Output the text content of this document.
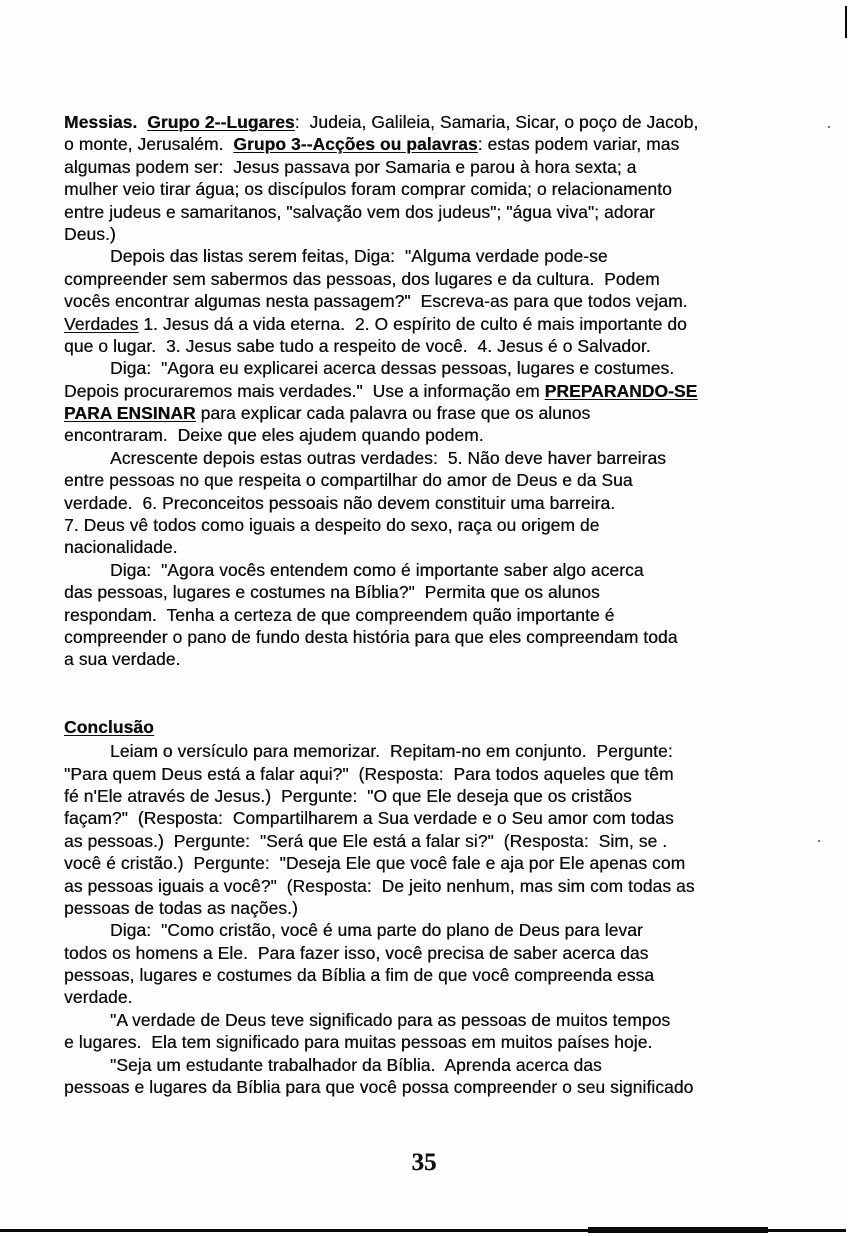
Messias. Grupo 2--Lugares:  Judeia, Galileia, Samaria, Sicar, o poço de Jacob,
o monte, Jerusalém.  Grupo 3--Acções ou palavras: estas podem variar, mas
algumas podem ser:  Jesus passava por Samaria e parou à hora sexta; a
mulher veio tirar água; os discípulos foram comprar comida; o relacionamento
entre judeus e samaritanos, "salvação vem dos judeus"; "água viva"; adorar
Deus.)
Depois das listas serem feitas, Diga:  "Alguma verdade pode-se
compreender sem sabermos das pessoas, dos lugares e da cultura.  Podem
vocês encontrar algumas nesta passagem?"  Escreva-as para que todos vejam.
Verdades 1. Jesus dá a vida eterna.  2. O espírito de culto é mais importante do
que o lugar.  3. Jesus sabe tudo a respeito de você.  4. Jesus é o Salvador.
Diga:  "Agora eu explicarei acerca dessas pessoas, lugares e costumes.
Depois procuraremos mais verdades."  Use a informação em PREPARANDO-SE
PARA ENSINAR para explicar cada palavra ou frase que os alunos
encontraram.  Deixe que eles ajudem quando podem.
Acrescente depois estas outras verdades:  5. Não deve haver barreiras
entre pessoas no que respeita o compartilhar do amor de Deus e da Sua
verdade.  6. Preconceitos pessoais não devem constituir uma barreira.
7. Deus vê todos como iguais a despeito do sexo, raça ou origem de
nacionalidade.
Diga:  "Agora vocês entendem como é importante saber algo acerca
das pessoas, lugares e costumes na Bíblia?"  Permita que os alunos
respondam.  Tenha a certeza de que compreendem quão importante é
compreender o pano de fundo desta história para que eles compreendam toda
a sua verdade.
Conclusão
Leiam o versículo para memorizar.  Repitam-no em conjunto.  Pergunte:
"Para quem Deus está a falar aqui?"  (Resposta:  Para todos aqueles que têm
fé n'Ele através de Jesus.)  Pergunte:  "O que Ele deseja que os cristãos
façam?"  (Resposta:  Compartilharem a Sua verdade e o Seu amor com todas
as pessoas.)  Pergunte:  "Será que Ele está a falar si?"  (Resposta:  Sim, se .
você é cristão.)  Pergunte:  "Deseja Ele que você fale e aja por Ele apenas com
as pessoas iguais a você?"  (Resposta:  De jeito nenhum, mas sim com todas as
pessoas de todas as nações.)
Diga:  "Como cristão, você é uma parte do plano de Deus para levar
todos os homens a Ele.  Para fazer isso, você precisa de saber acerca das
pessoas, lugares e costumes da Bíblia a fim de que você compreenda essa
verdade.
"A verdade de Deus teve significado para as pessoas de muitos tempos
e lugares.  Ela tem significado para muitas pessoas em muitos países hoje.
"Seja um estudante trabalhador da Bíblia.  Aprenda acerca das
pessoas e lugares da Bíblia para que você possa compreender o seu significado
35
